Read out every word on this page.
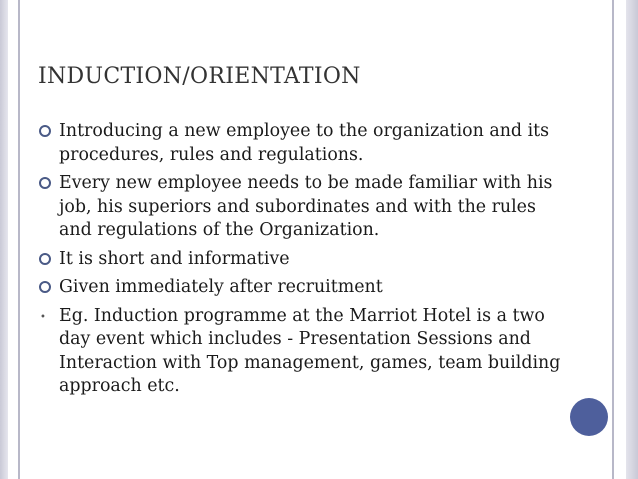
INDUCTION/ORIENTATION
Introducing a new employee to the organization and its procedures, rules and regulations.
Every new employee needs to be made familiar with his job, his superiors and subordinates and with the rules and regulations of the Organization.
It is short and informative
Given immediately after recruitment
• Eg. Induction programme at the Marriot Hotel is a two day event which includes - Presentation Sessions and Interaction with Top management, games, team building approach etc.
